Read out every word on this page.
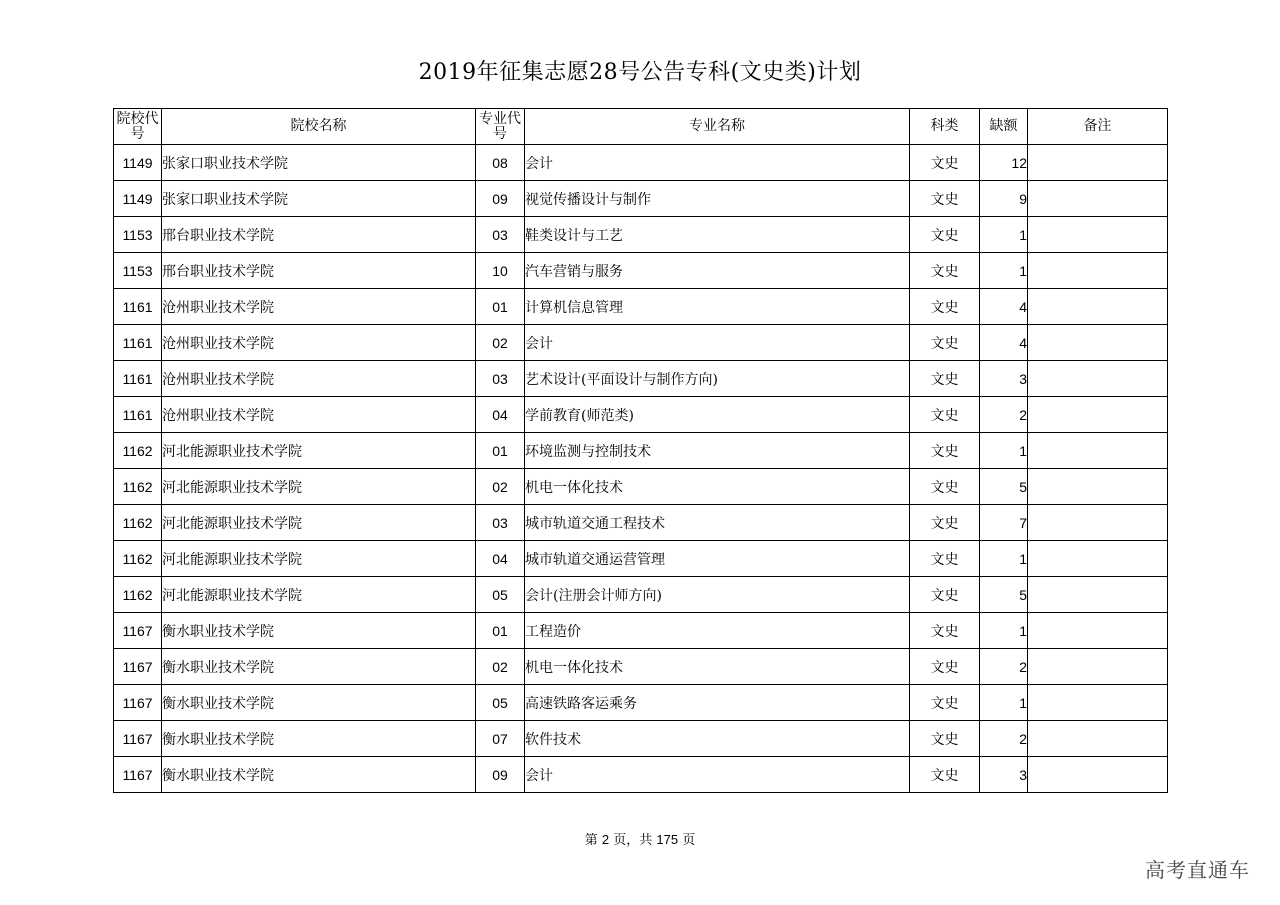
2019年征集志愿28号公告专科(文史类)计划
院校代号	院校名称	专业代号	专业名称	科类	缺额	备注
1149	张家口职业技术学院	08	会计	文史	12	
1149	张家口职业技术学院	09	视觉传播设计与制作	文史	9	
1153	邢台职业技术学院	03	鞋类设计与工艺	文史	1	
1153	邢台职业技术学院	10	汽车营销与服务	文史	1	
1161	沧州职业技术学院	01	计算机信息管理	文史	4	
1161	沧州职业技术学院	02	会计	文史	4	
1161	沧州职业技术学院	03	艺术设计(平面设计与制作方向)	文史	3	
1161	沧州职业技术学院	04	学前教育(师范类)	文史	2	
1162	河北能源职业技术学院	01	环境监测与控制技术	文史	1	
1162	河北能源职业技术学院	02	机电一体化技术	文史	5	
1162	河北能源职业技术学院	03	城市轨道交通工程技术	文史	7	
1162	河北能源职业技术学院	04	城市轨道交通运营管理	文史	1	
1162	河北能源职业技术学院	05	会计(注册会计师方向)	文史	5	
1167	衡水职业技术学院	01	工程造价	文史	1	
1167	衡水职业技术学院	02	机电一体化技术	文史	2	
1167	衡水职业技术学院	05	高速铁路客运乘务	文史	1	
1167	衡水职业技术学院	07	软件技术	文史	2	
1167	衡水职业技术学院	09	会计	文史	3	
第 2 页，共 175 页
高考直通车
